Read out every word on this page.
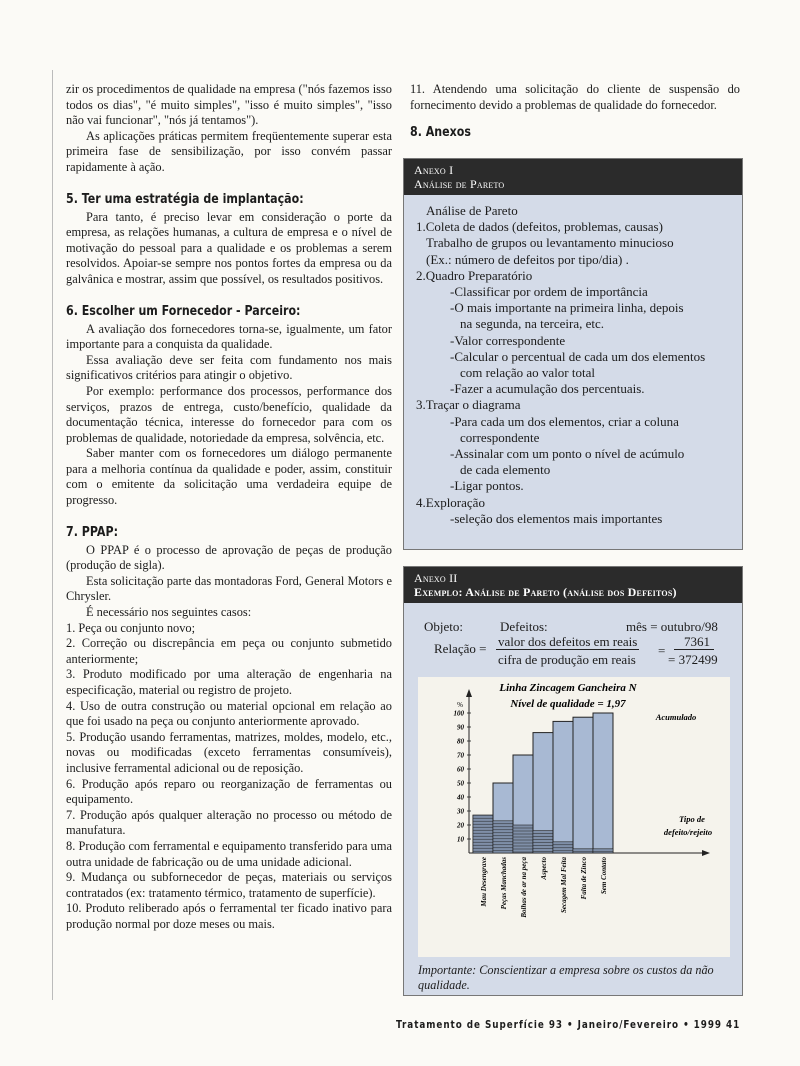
zir os procedimentos de qualidade na empresa ("nós fazemos isso todos os dias", "é muito simples", "isso é muito simples", "isso não vai funcionar", "nós já tentamos").

As aplicações práticas permitem freqüentemente superar esta primeira fase de sensibilização, por isso convém passar rapidamente à ação.

5. Ter uma estratégia de implantação:

Para tanto, é preciso levar em consideração o porte da empresa, as relações humanas, a cultura de empresa e o nível de motivação do pessoal para a qualidade e os problemas a serem resolvidos. Apoiar-se sempre nos pontos fortes da empresa ou da galvânica e mostrar, assim que possível, os resultados positivos.

6. Escolher um Fornecedor - Parceiro:

A avaliação dos fornecedores torna-se, igualmente, um fator importante para a conquista da qualidade.

Essa avaliação deve ser feita com fundamento nos mais significativos critérios para atingir o objetivo.

Por exemplo: performance dos processos, performance dos serviços, prazos de entrega, custo/benefício, qualidade da documentação técnica, interesse do fornecedor para com os problemas de qualidade, notoriedade da empresa, solvência, etc.

Saber manter com os fornecedores um diálogo permanente para a melhoria contínua da qualidade e poder, assim, constituir com o emitente da solicitação uma verdadeira equipe de progresso.

7. PPAP:

O PPAP é o processo de aprovação de peças de produção (produção de sigla).

Esta solicitação parte das montadoras Ford, General Motors e Chrysler.

É necessário nos seguintes casos:

1. Peça ou conjunto novo;

2. Correção ou discrepância em peça ou conjunto submetido anteriormente;

3. Produto modificado por uma alteração de engenharia na especificação, material ou registro de projeto.

4. Uso de outra construção ou material opcional em relação ao que foi usado na peça ou conjunto anteriormente aprovado.

5. Produção usando ferramentas, matrizes, moldes, modelo, etc., novas ou modificadas (exceto ferramentas consumíveis), inclusive ferramental adicional ou de reposição.

6. Produção após reparo ou reorganização de ferramentas ou equipamento.

7. Produção após qualquer alteração no processo ou método de manufatura.

8. Produção com ferramental e equipamento transferido para uma outra unidade de fabricação ou de uma unidade adicional.

9. Mudança ou subfornecedor de peças, materiais ou serviços contratados (ex: tratamento térmico, tratamento de superfície).

10. Produto reliberado após o ferramental ter ficado inativo para produção normal por doze meses ou mais.

11. Atendendo uma solicitação do cliente de suspensão do fornecimento devido a problemas de qualidade do fornecedor.

8. Anexos
Anexo I
Análise de Pareto
Análise de Pareto
1.Coleta de dados (defeitos, problemas, causas)
Trabalho de grupos ou levantamento minucioso
(Ex.: número de defeitos por tipo/dia) .
2.Quadro Preparatório
-Classificar por ordem de importância
-O mais importante na primeira linha, depois
na segunda, na terceira, etc.
-Valor correspondente
-Calcular o percentual de cada um dos elementos
com relação ao valor total
-Fazer a acumulação dos percentuais.
3.Traçar o diagrama
-Para cada um dos elementos, criar a coluna
correspondente
-Assinalar com um ponto o nível de acúmulo
de cada elemento
-Ligar pontos.
4.Exploração
-seleção dos elementos mais importantes
Anexo II
Exemplo: Análise de Pareto (análise dos Defeitos)
Objeto:	Defeitos:	mês = outubro/98
Relação = valor dos defeitos em reais
cifra de produção em reais
=
7361
= 372499
Linha Zincagem Gancheira N
Nível de qualidade = 1,97
%
10
20
30
40
50
60
70
80
90
100
Mau Desengraxe Peças Manchadas Bolhas de ar na peça Aspecto Secagem Mal Feita Falta de Zinco Sem Contato
Acumulado
Tipo de
defeito/rejeito
Importante: Conscientizar a empresa sobre os custos da não qualidade.
Tratamento de Superfície 93 • Janeiro/Fevereiro • 1999 41
